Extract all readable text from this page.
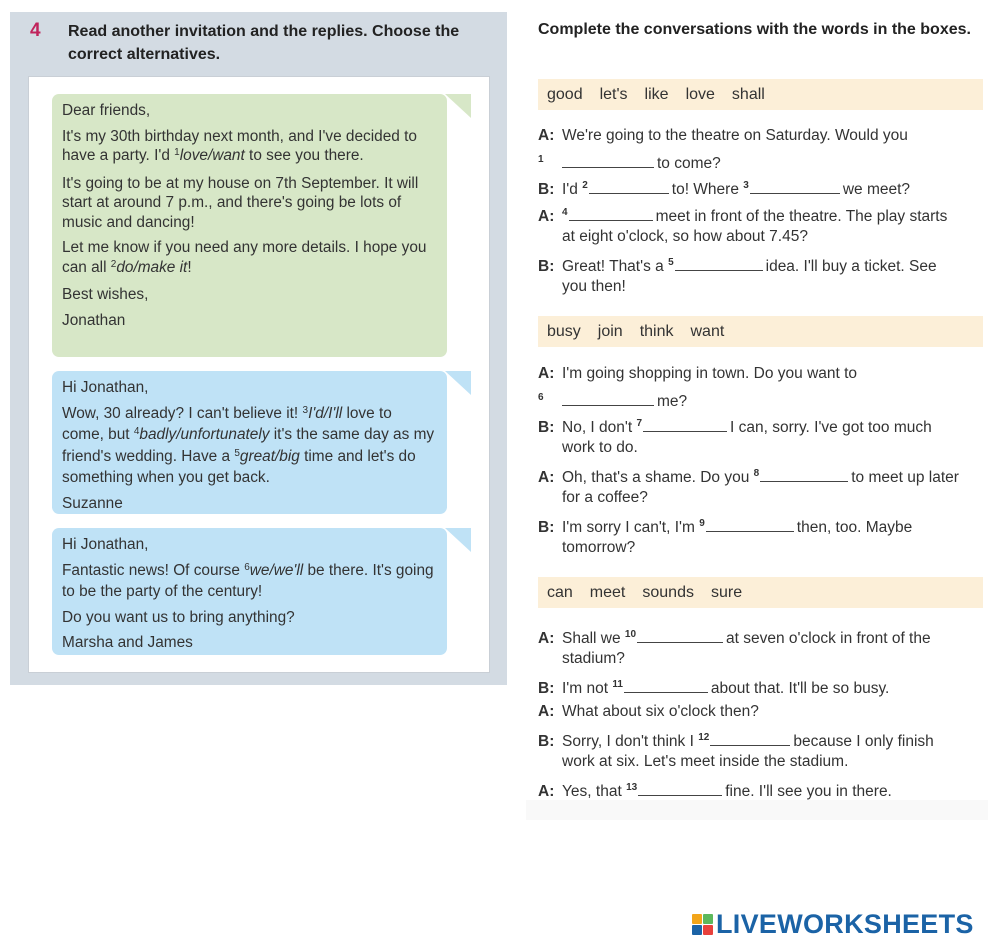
4 Read another invitation and the replies. Choose the correct alternatives.

Dear friends,

It's my 30th birthday next month, and I've decided to have a party. I'd $^1$love/want to see you there.

It's going to be at my house on 7th September. It will start at around 7 p.m., and there's going be lots of music and dancing!

Let me know if you need any more details. I hope you can all $^2$do/make it!

Best wishes,

Jonathan

Hi Jonathan,

Wow, 30 already? I can't believe it! $^3$I'd/I'll love to come, but $^4$badly/unfortunately it's the same day as my friend's wedding. Have a $^5$great/big time and let's do something when you get back.

Suzanne

Hi Jonathan,

Fantastic news! Of course $^6$we/we'll be there. It's going to be the party of the century!

Do you want us to bring anything?

Marsha and James

Complete the conversations with the words in the boxes.
good let's like love shall
A: We're going to the theatre on Saturday. Would you
$^1$	to come?
B: I'd $^2$	to! Where $^3$	we meet?
A: $^4$	meet in front of the theatre. The play starts
at eight o'clock, so how about 7.45?
B: Great! That's a $^5$	idea. I'll buy a ticket. See
you then!
busy join think want
A: I'm going shopping in town. Do you want to
$^6$	me?
B: No, I don't $^7$	I can, sorry. I've got too much
work to do.
A: Oh, that's a shame. Do you $^8$	to meet up later
for a coffee?
B: I'm sorry I can't, I'm $^9$	then, too. Maybe
tomorrow?
can meet sounds sure
A: Shall we $^{10}$	at seven o'clock in front of the
stadium?
B: I'm not $^{11}$	about that. It'll be so busy.
A: What about six o'clock then?
B: Sorry, I don't think I $^{12}$	because I only finish
work at six. Let's meet inside the stadium.
A: Yes, that $^{13}$	fine. I'll see you in there.
LIVEWORKSHEETS
